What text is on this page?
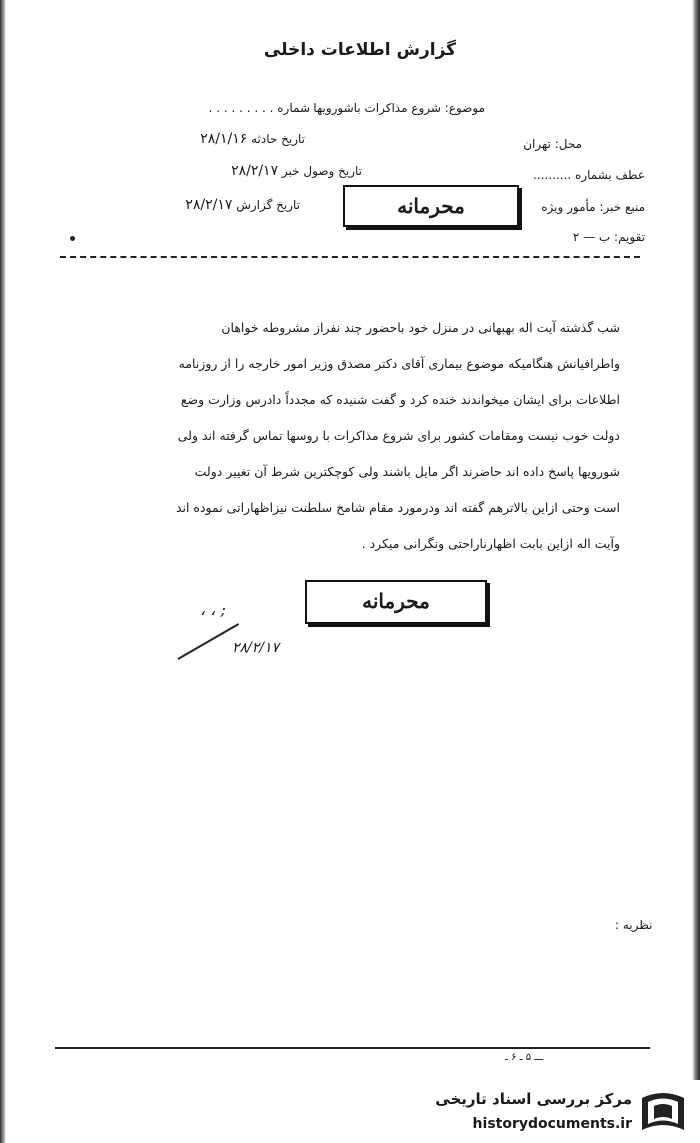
گزارش اطلاعات داخلی
موضوع: شروع مذاکرات باشورویها
محل: تهران
عطف بشماره ..........
منبع خبر: مأمور ویژه
تقویم: ب — ۲
شماره . . . . . . . . .
تاریخ حادثه ۲۸/۱/۱۶
تاریخ وصول خبر ۲۸/۲/۱۷
تاریخ گزارش ۲۸/۲/۱۷	محرمانه
شب گذشته آیت اله بهبهانی در منزل خود باحضور چند نفراز مشروطه خواهان
واطرافیانش هنگامیکه موضوع بیماری آقای دکتر مصدق وزیر امور خارجه را از روزنامه
اطلاعات برای ایشان میخواندند خنده کرد و گفت شنیده که مجدداً دادرس وزارت وضع
دولت خوب نیست ومقامات کشور برای شروع مذاکرات با روسها تماس گرفته اند ولی
شورویها پاسخ داده اند حاضرند اگر مایل باشند ولی کوچکترین شرط آن تغییر دولت
است وحتی ازاین بالاترهم گفته اند ودرمورد مقام شامخ سلطنت نیزاظهاراتی نموده اند
وآیت اله ازاین بابت اظهارناراحتی ونگرانی میکرد .
محرمانه
، ، ;
۲۸/۲/۱۷
نظریه :
ـــ ۵ ـ ۶ ـ
مرکز بررسی اسناد تاریخی
historydocuments.ir
